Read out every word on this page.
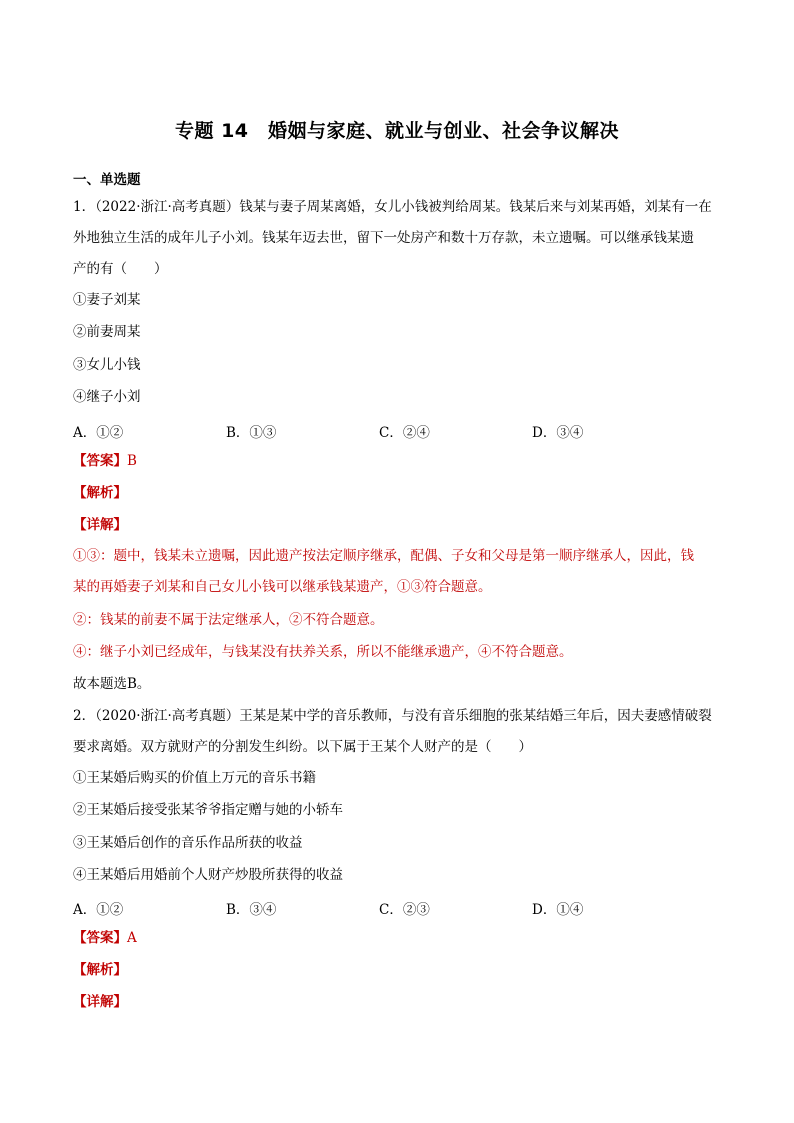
专题 14　婚姻与家庭、就业与创业、社会争议解决
一、单选题
1．（2022·浙江·高考真题）钱某与妻子周某离婚，女儿小钱被判给周某。钱某后来与刘某再婚，刘某有一在
外地独立生活的成年儿子小刘。钱某年迈去世，留下一处房产和数十万存款，未立遗嘱。可以继承钱某遗
产的有（　　）
①妻子刘某
②前妻周某
③女儿小钱
④继子小刘
A．①②	B．①③	C．②④	D．③④
【答案】B
【解析】
【详解】
①③：题中，钱某未立遗嘱，因此遗产按法定顺序继承，配偶、子女和父母是第一顺序继承人，因此，钱
某的再婚妻子刘某和自己女儿小钱可以继承钱某遗产，①③符合题意。
②：钱某的前妻不属于法定继承人，②不符合题意。
④：继子小刘已经成年，与钱某没有扶养关系，所以不能继承遗产，④不符合题意。
故本题选B。
2．（2020·浙江·高考真题）王某是某中学的音乐教师，与没有音乐细胞的张某结婚三年后，因夫妻感情破裂
要求离婚。双方就财产的分割发生纠纷。以下属于王某个人财产的是（　　）
①王某婚后购买的价值上万元的音乐书籍
②王某婚后接受张某爷爷指定赠与她的小轿车
③王某婚后创作的音乐作品所获的收益
④王某婚后用婚前个人财产炒股所获得的收益
A．①②	B．③④	C．②③	D．①④
【答案】A
【解析】
【详解】
